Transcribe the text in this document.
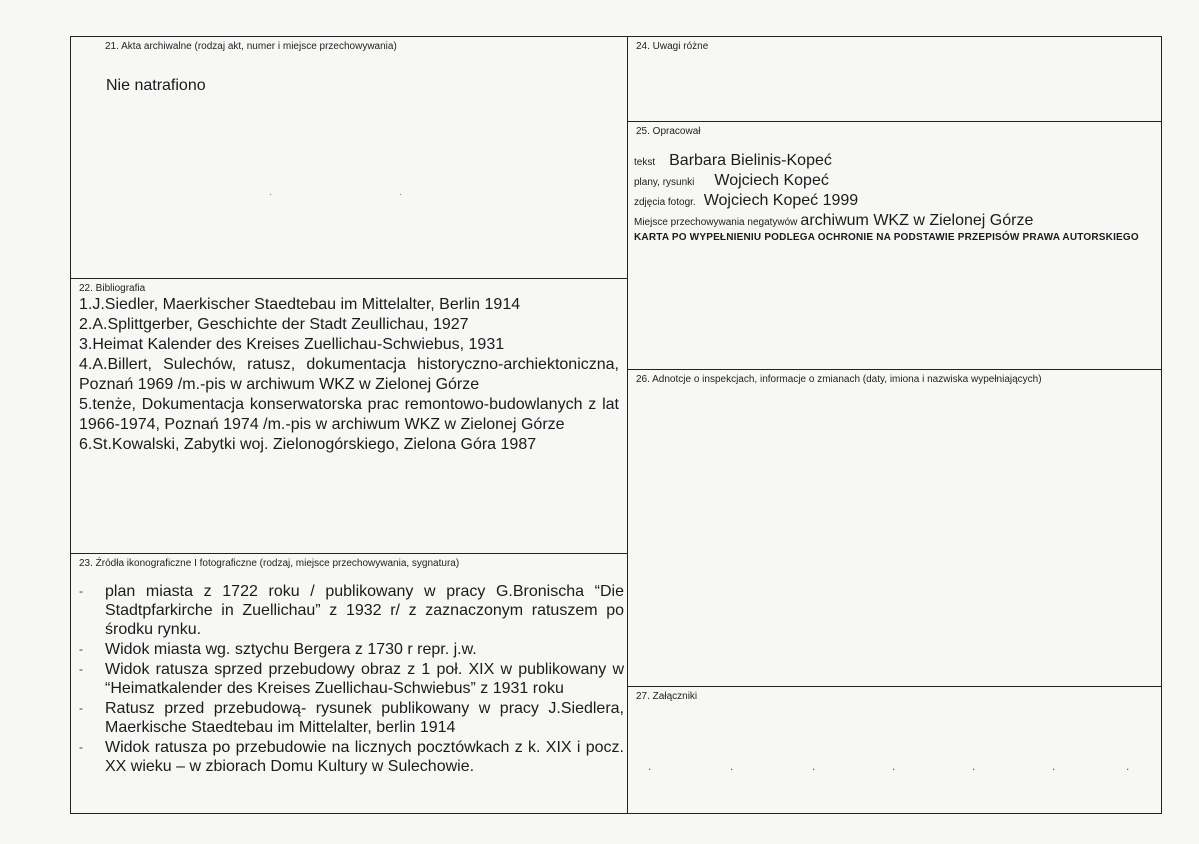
21. Akta archiwalne (rodzaj akt, numer i miejsce przechowywania)
Nie natrafiono
·	·
22. Bibliografia
1.J.Siedler, Maerkischer Staedtebau im Mittelalter, Berlin 1914
2.A.Splittgerber, Geschichte der Stadt Zeullichau, 1927
3.Heimat Kalender des Kreises Zuellichau-Schwiebus, 1931
4.A.Billert, Sulechów, ratusz, dokumentacja historyczno-archiektoniczna, Poznań 1969 /m.-pis w archiwum WKZ w Zielonej Górze
5.tenże, Dokumentacja konserwatorska prac remontowo-budowlanych z lat 1966-1974, Poznań 1974 /m.-pis w archiwum WKZ w Zielonej Górze
6.St.Kowalski, Zabytki woj. Zielonogórskiego, Zielona Góra 1987
23. Źródła ikonograficzne I fotograficzne (rodzaj, miejsce przechowywania, sygnatura)
-	plan miasta z 1722 roku / publikowany w pracy G.Bronischa “Die Stadtpfarkirche in Zuellichau” z 1932 r/ z zaznaczonym ratuszem po środku rynku.
-	Widok miasta wg. sztychu Bergera z 1730 r repr. j.w.
-	Widok ratusza sprzed przebudowy obraz z 1 poł. XIX w publikowany w “Heimatkalender des Kreises Zuellichau-Schwiebus” z 1931 roku
-	Ratusz przed przebudową- rysunek publikowany w pracy J.Siedlera, Maerkische Staedtebau im Mittelalter, berlin 1914
-	Widok ratusza po przebudowie na licznych pocztówkach z k. XIX i pocz. XX wieku – w zbiorach Domu Kultury w Sulechowie.
24. Uwagi różne
25. Opracował
tekst Barbara Bielinis-Kopeć
plany, rysunki Wojciech Kopeć
zdjęcia fotogr. Wojciech Kopeć 1999
Miejsce przechowywania negatywów archiwum WKZ w Zielonej Górze
KARTA PO WYPEŁNIENIU PODLEGA OCHRONIE NA PODSTAWIE PRZEPISÓW PRAWA AUTORSKIEGO
26. Adnotcje o inspekcjach, informacje o zmianach (daty, imiona i nazwiska wypełniających)
27. Załączniki
.	.	.	.	.	.	.
